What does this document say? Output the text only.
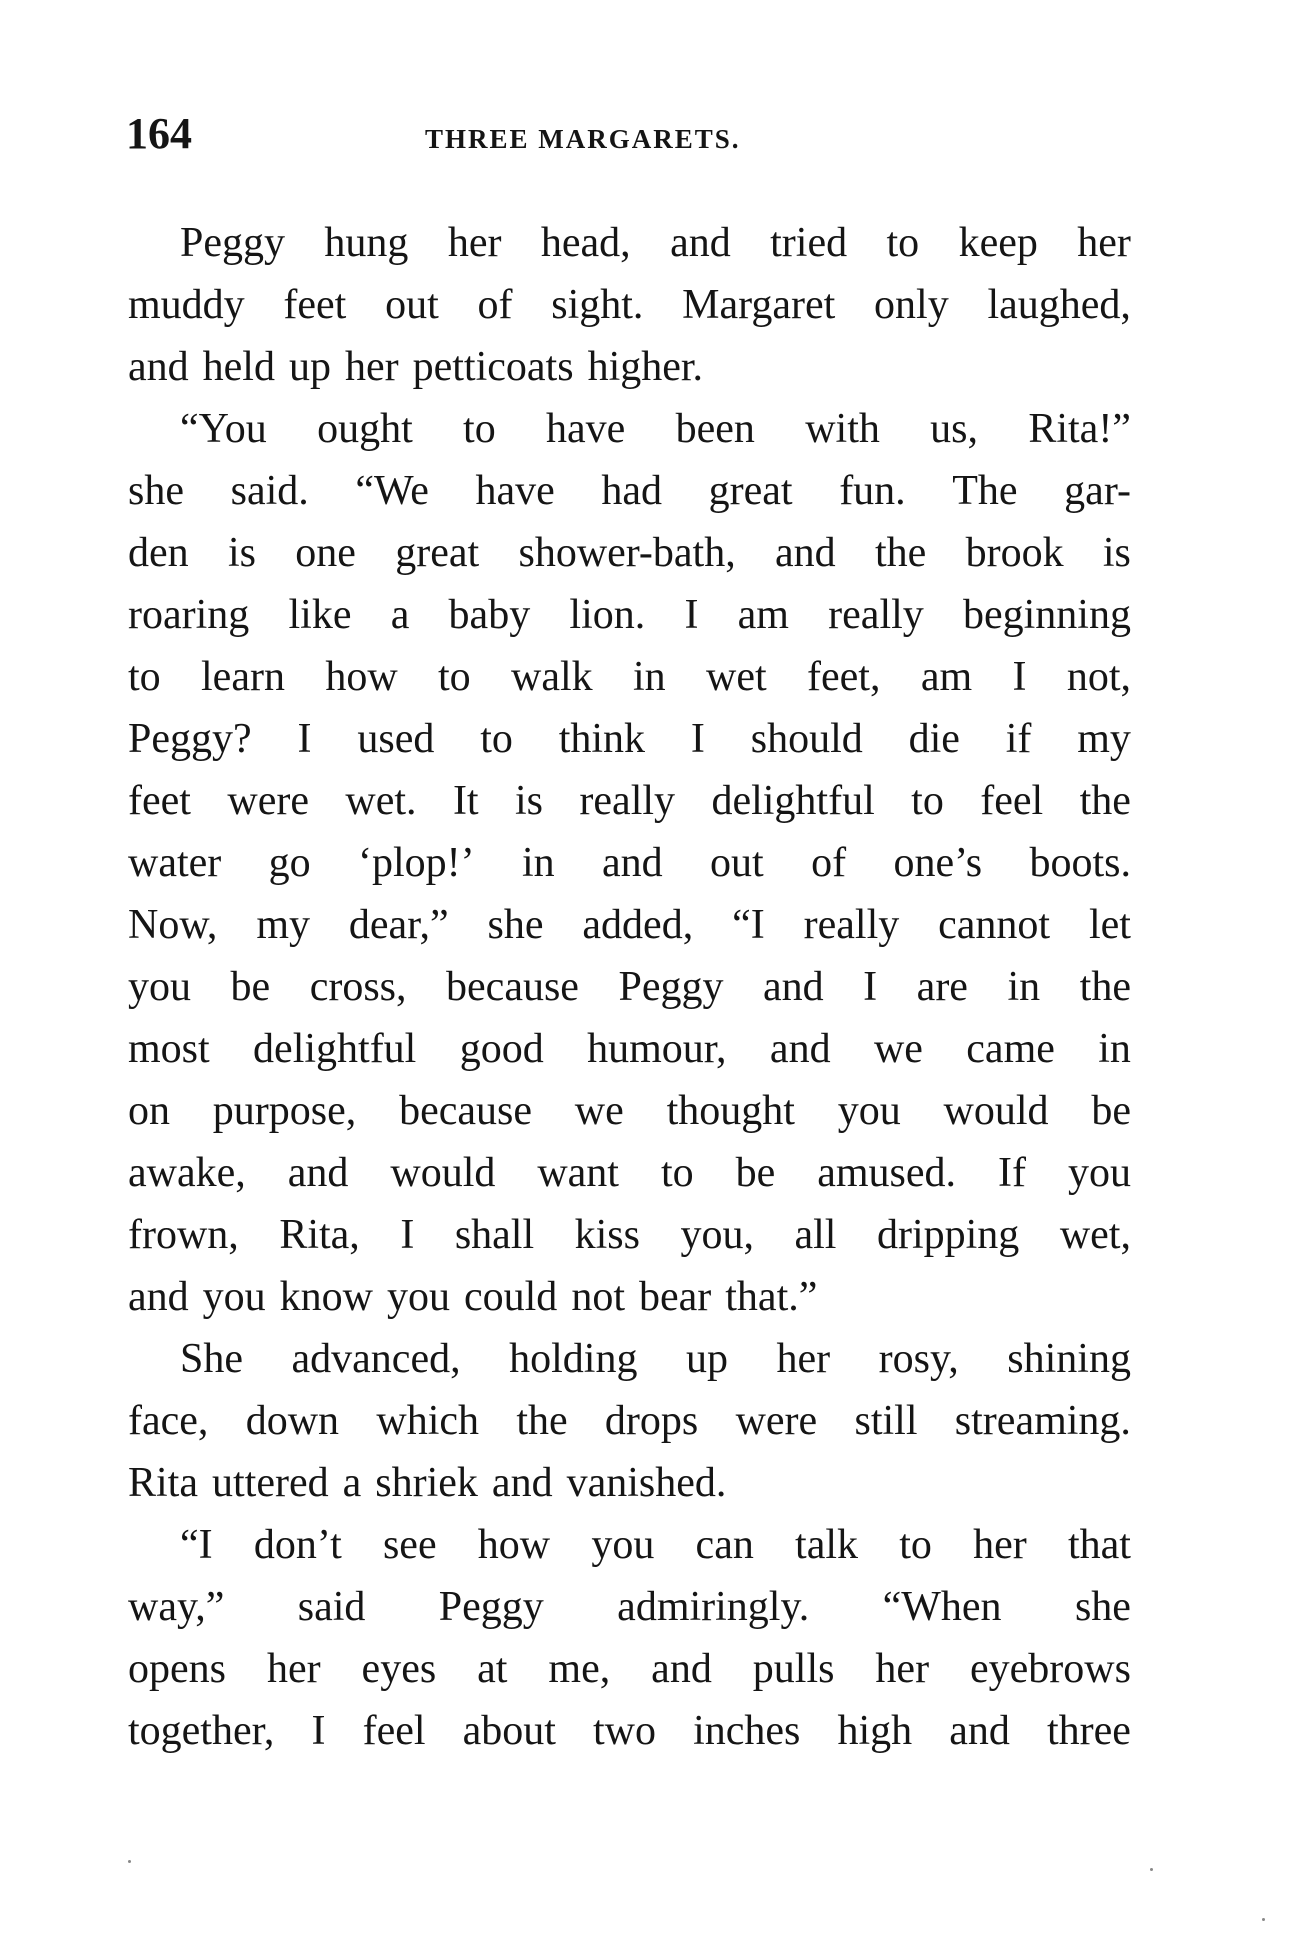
164	THREE MARGARETS.
Peggy hung her head, and tried to keep her
muddy feet out of sight. Margaret only laughed,
and held up her petticoats higher.
“You ought to have been with us, Rita!”
she said. “We have had great fun. The gar-
den is one great shower-bath, and the brook is
roaring like a baby lion. I am really beginning
to learn how to walk in wet feet, am I not,
Peggy? I used to think I should die if my
feet were wet. It is really delightful to feel the
water go ‘plop!’ in and out of one’s boots.
Now, my dear,” she added, “I really cannot let
you be cross, because Peggy and I are in the
most delightful good humour, and we came in
on purpose, because we thought you would be
awake, and would want to be amused. If you
frown, Rita, I shall kiss you, all dripping wet,
and you know you could not bear that.”
She advanced, holding up her rosy, shining
face, down which the drops were still streaming.
Rita uttered a shriek and vanished.
“I don’t see how you can talk to her that
way,” said Peggy admiringly. “When she
opens her eyes at me, and pulls her eyebrows
together, I feel about two inches high and three
